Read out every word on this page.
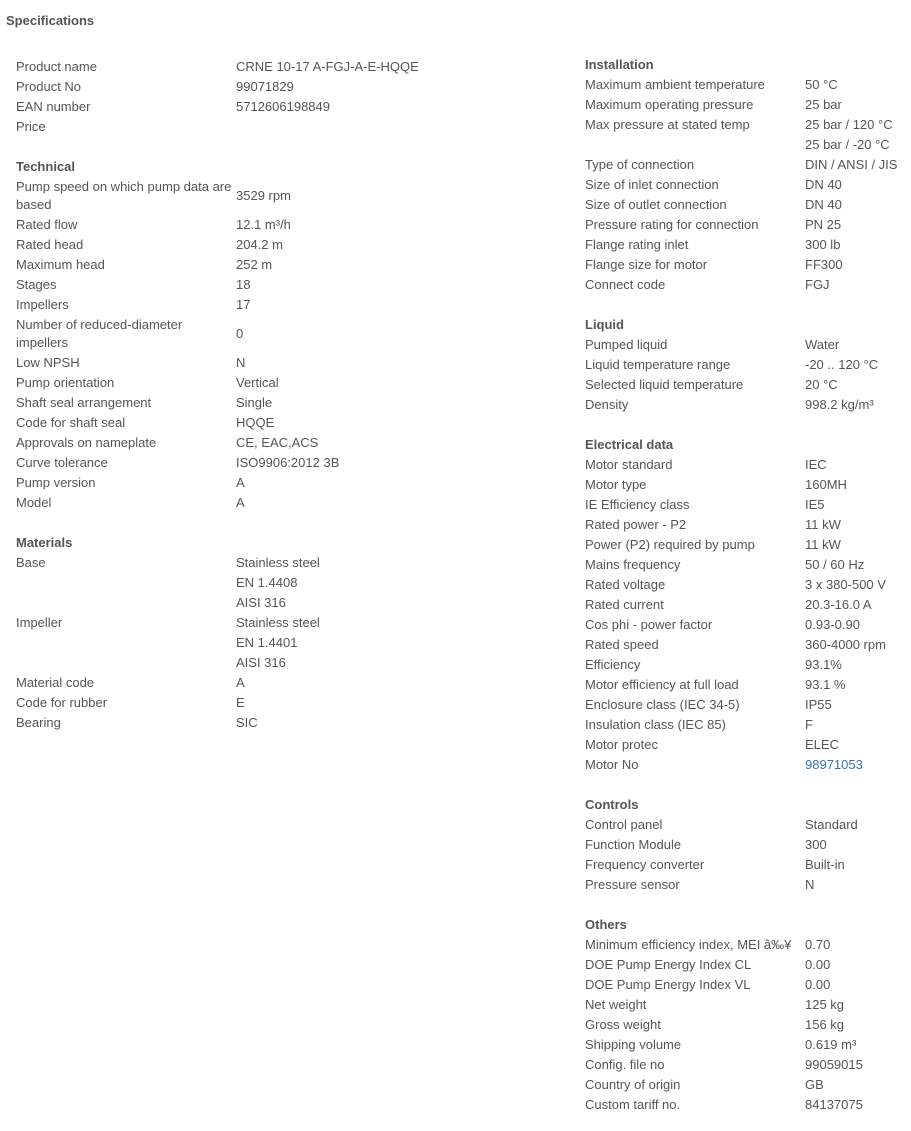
Specifications
Product name	CRNE 10-17 A-FGJ-A-E-HQQE
Product No	99071829
EAN number	5712606198849
Price
Technical
Pump speed on which pump data are based
3529 rpm
Rated flow	12.1 m³/h
Rated head	204.2 m
Maximum head	252 m
Stages	18
Impellers	17
Number of reduced-diameter impellers
0
Low NPSH	N
Pump orientation	Vertical
Shaft seal arrangement	Single
Code for shaft seal	HQQE
Approvals on nameplate	CE, EAC,ACS
Curve tolerance	ISO9906:2012 3B
Pump version	A
Model	A
Materials
Base	Stainless steel
EN 1.4408
AISI 316
Impeller	Stainless steel
EN 1.4401
AISI 316
Material code	A
Code for rubber	E
Bearing	SIC
Installation
Maximum ambient temperature	50 °C
Maximum operating pressure	25 bar
Max pressure at stated temp	25 bar / 120 °C
25 bar / -20 °C
Type of connection	DIN / ANSI / JIS
Size of inlet connection	DN 40
Size of outlet connection	DN 40
Pressure rating for connection	PN 25
Flange rating inlet	300 lb
Flange size for motor	FF300
Connect code	FGJ
Liquid
Pumped liquid	Water
Liquid temperature range	-20 .. 120 °C
Selected liquid temperature	20 °C
Density	998.2 kg/m³
Electrical data
Motor standard	IEC
Motor type	160MH
IE Efficiency class	IE5
Rated power - P2	11 kW
Power (P2) required by pump	11 kW
Mains frequency	50 / 60 Hz
Rated voltage	3 x 380-500 V
Rated current	20.3-16.0 A
Cos phi - power factor	0.93-0.90
Rated speed	360-4000 rpm
Efficiency	93.1%
Motor efficiency at full load	93.1 %
Enclosure class (IEC 34-5)	IP55
Insulation class (IEC 85)	F
Motor protec	ELEC
Motor No	98971053
Controls
Control panel	Standard
Function Module	300
Frequency converter	Built-in
Pressure sensor	N
Others
Minimum efficiency index, MEI â‰¥	0.70
DOE Pump Energy Index CL	0.00
DOE Pump Energy Index VL	0.00
Net weight	125 kg
Gross weight	156 kg
Shipping volume	0.619 m³
Config. file no	99059015
Country of origin	GB
Custom tariff no.	84137075
